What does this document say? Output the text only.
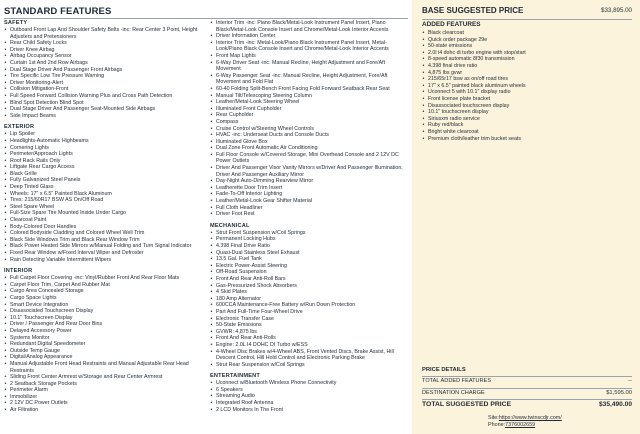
STANDARD FEATURES
SAFETY
• Outboard Front Lap And Shoulder Safety Belts -inc: Rear Center 3 Point, Height Adjusters and Pretensioners
• Rear Child Safety Locks
• Driver Knee Airbag
• Airbag Occupancy Sensor
• Curtain 1st And 2nd Row Airbags
• Dual Stage Driver And Passenger Front Airbags
• Tire Specific Low Tire Pressure Warning
• Driver Monitoring-Alert
• Collision Mitigation-Front
• Full Speed Forward Collision Warning Plus and Cross Path Detection
• Blind Spot Detection Blind Spot
• Dual Stage Driver And Passenger Seat-Mounted Side Airbags
• Side Impact Beams
EXTERIOR
• Lip Spoiler
• Headlights-Automatic Highbeams
• Cornering Lights
• Perimeter/Approach Lights
• Roof Rack Rails Only
• Liftgate Rear Cargo Access
• Black Grille
• Fully Galvanized Steel Panels
• Deep Tinted Glass
• Wheels: 17" x 6.5" Painted Black Aluminum
• Tires: 215/60R17 BSW AS On/Off Road
• Steel Spare Wheel
• Full-Size Spare Tire Mounted Inside Under Cargo
• Clearcoat Paint
• Body-Colored Door Handles
• Colored Bodyside Cladding and Colored Wheel Well Trim
• Black Side Windows Trim and Black Rear Window Trim
• Black Power Heated Side Mirrors w/Manual Folding and Turn Signal Indicator
• Fixed Rear Window w/Fixed Interval Wiper and Defroster
• Rain Detecting Variable Intermittent Wipers
INTERIOR
• Full Carpet Floor Covering -inc: Vinyl/Rubber Front And Rear Floor Mats
• Carpet Floor Trim, Carpet And Rubber Mat
• Cargo Area Concealed Storage
• Cargo Space Lights
• Smart Device Integration
• Disassociated Touchscreen Display
• 10.1" Touchscreen Display
• Driver / Passenger And Rear Door Bins
• Delayed Accessory Power
• Systems Monitor
• Redundant Digital Speedometer
• Outside Temp Gauge
• Digital/Analog Appearance
• Manual Adjustable Front Head Restraints and Manual Adjustable Rear Head Restraints
• Sliding Front Center Armrest w/Storage and Rear Center Armrest
• 2 Seatback Storage Pockets
• Perimeter Alarm
• Immobilizer
• 2 12V DC Power Outlets
• Air Filtration
• Interior Trim -inc: Piano Black/Metal-Look Instrument Panel Insert, Piano Black/Metal-Look Console Insert and Chrome/Metal-Look Interior Accents
• Driver Information Center
• Interior Trim -inc: Metal-Look/Piano Black Instrument Panel Insert, Metal-Look/Piano Black Console Insert and Chrome/Metal-Look Interior Accents
• Front Map Lights
• 6-Way Driver Seat -inc: Manual Recline, Height Adjustment and Fore/Aft Movement
• 6-Way Passenger Seat -inc: Manual Recline, Height Adjustment, Fore/Aft Movement and Fold Flat
• 60-40 Folding Split-Bench Front Facing Fold Forward Seatback Rear Seat
• Manual Tilt/Telescoping Steering Column
• Leather/Metal-Look Steering Wheel
• Illuminated Front Cupholder
• Rear Cupholder
• Compass
• Cruise Control w/Steering Wheel Controls
• HVAC -inc: Underseat Ducts and Console Ducts
• Illuminated Glove Box
• Dual Zone Front Automatic Air Conditioning
• Full Floor Console w/Covered Storage, Mini Overhead Console and 2 12V DC Power Outlets
• Driver And Passenger Visor Vanity Mirrors w/Driver And Passenger Illumination, Driver And Passenger Auxiliary Mirror
• Day-Night Auto-Dimming Rearview Mirror
• Leatherette Door Trim Insert
• Fade-To-Off Interior Lighting
• Leather/Metal-Look Gear Shifter Material
• Full Cloth Headliner
• Driver Foot Rest
MECHANICAL
• Strut Front Suspension w/Coil Springs
• Permanent Locking Hubs
• 4.398 Final Drive Ratio
• Quasi-Dual Stainless Steel Exhaust
• 13.5 Gal. Fuel Tank
• Electric Power-Assist Steering
• Off-Road Suspension
• Front And Rear Anti-Roll Bars
• Gas-Pressurized Shock Absorbers
• 4 Skid Plates
• 180 Amp Alternator
• 600CCA Maintenance-Free Battery w/Run Down Protection
• Part And Full-Time Four-Wheel Drive
• Electronic Transfer Case
• 50-State Emissions
• GVWR: 4,875 lbs
• Front And Rear Anti-Rolls
• Engine: 2.0L I4 DOHC DI Turbo w/ESS
• 4-Wheel Disc Brakes w/4-Wheel ABS, Front Vented Discs, Brake Assist, Hill Descent Control, Hill Hold Control and Electronic Parking Brake
• Strut Rear Suspension w/Coil Springs
ENTERTAINMENT
• Uconnect w/Bluetooth Wireless Phone Connectivity
• 6 Speakers
• Streaming Audio
• Integrated Roof Antenna
• 2 LCD Monitors In The Front
BASE SUGGESTED PRICE	$33,895.00
ADDED FEATURES
• Black clearcoat
• Quick order package 29e
• 50-state emissions
• 2.0l i4 dohc di turbo engine with stop/start
• 8-speed automatic 8f30 transmission
• 4.398 final drive ratio
• 4,875 lbs gvwr
• 215/65r17 bsw as on/off road tires
• 17" x 6.5" painted black aluminum wheels
• Uconnect 5 with 10.1" display radio
• Front license plate bracket
• Disassociated touchscreen display
• 10.1" touchscreen display
• Siriusxm radio service
• Ruby red/black
• Bright white clearcoat
• Premium cloth/leather trim bucket seats
PRICE DETAILS
TOTAL ADDED FEATURES	--
DESTINATION CHARGE	$1,595.00
TOTAL SUGGESTED PRICE	$35,490.00
Site:https://www.twinscdjr.com/
Phone:7376002659
